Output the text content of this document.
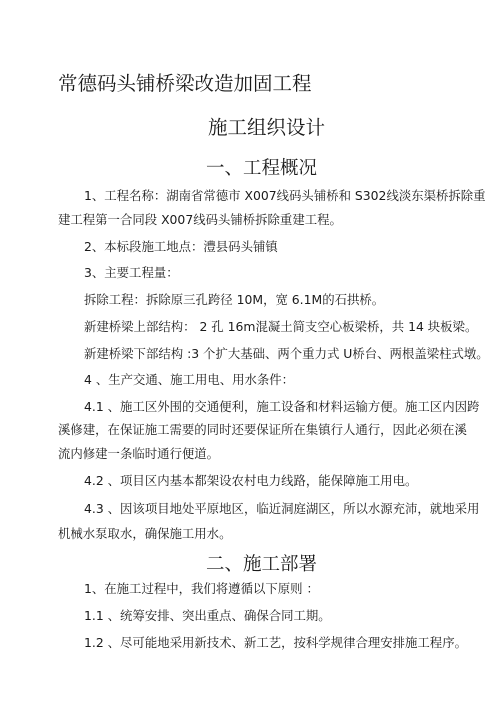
常德码头铺桥梁改造加固工程
施工组织设计
一、工程概况
1、工程名称：湖南省常德市 X007线码头铺桥和 S302线淡东渠桥拆除重
建工程第一合同段 X007线码头铺桥拆除重建工程。
2、本标段施工地点：澧县码头铺镇
3、主要工程量：
拆除工程：拆除原三孔跨径 10M，宽 6.1M的石拱桥。
新建桥梁上部结构： 2 孔 16m混凝土简支空心板梁桥，共 14 块板梁。
新建桥梁下部结构 :3 个扩大基础、两个重力式 U桥台、两根盖梁柱式墩。
4 、生产交通、施工用电、用水条件：
4.1 、施工区外围的交通便利，施工设备和材料运输方便。施工区内因跨
溪修建，在保证施工需要的同时还要保证所在集镇行人通行，因此必须在溪
流内修建一条临时通行便道。
4.2 、项目区内基本都架设农村电力线路，能保障施工用电。
4.3 、因该项目地处平原地区，临近洞庭湖区，所以水源充沛，就地采用
机械水泵取水，确保施工用水。
二、施工部署
1、在施工过程中，我们将遵循以下原则 ：
1.1 、统筹安排、突出重点、确保合同工期。
1.2 、尽可能地采用新技术、新工艺，按科学规律合理安排施工程序。
